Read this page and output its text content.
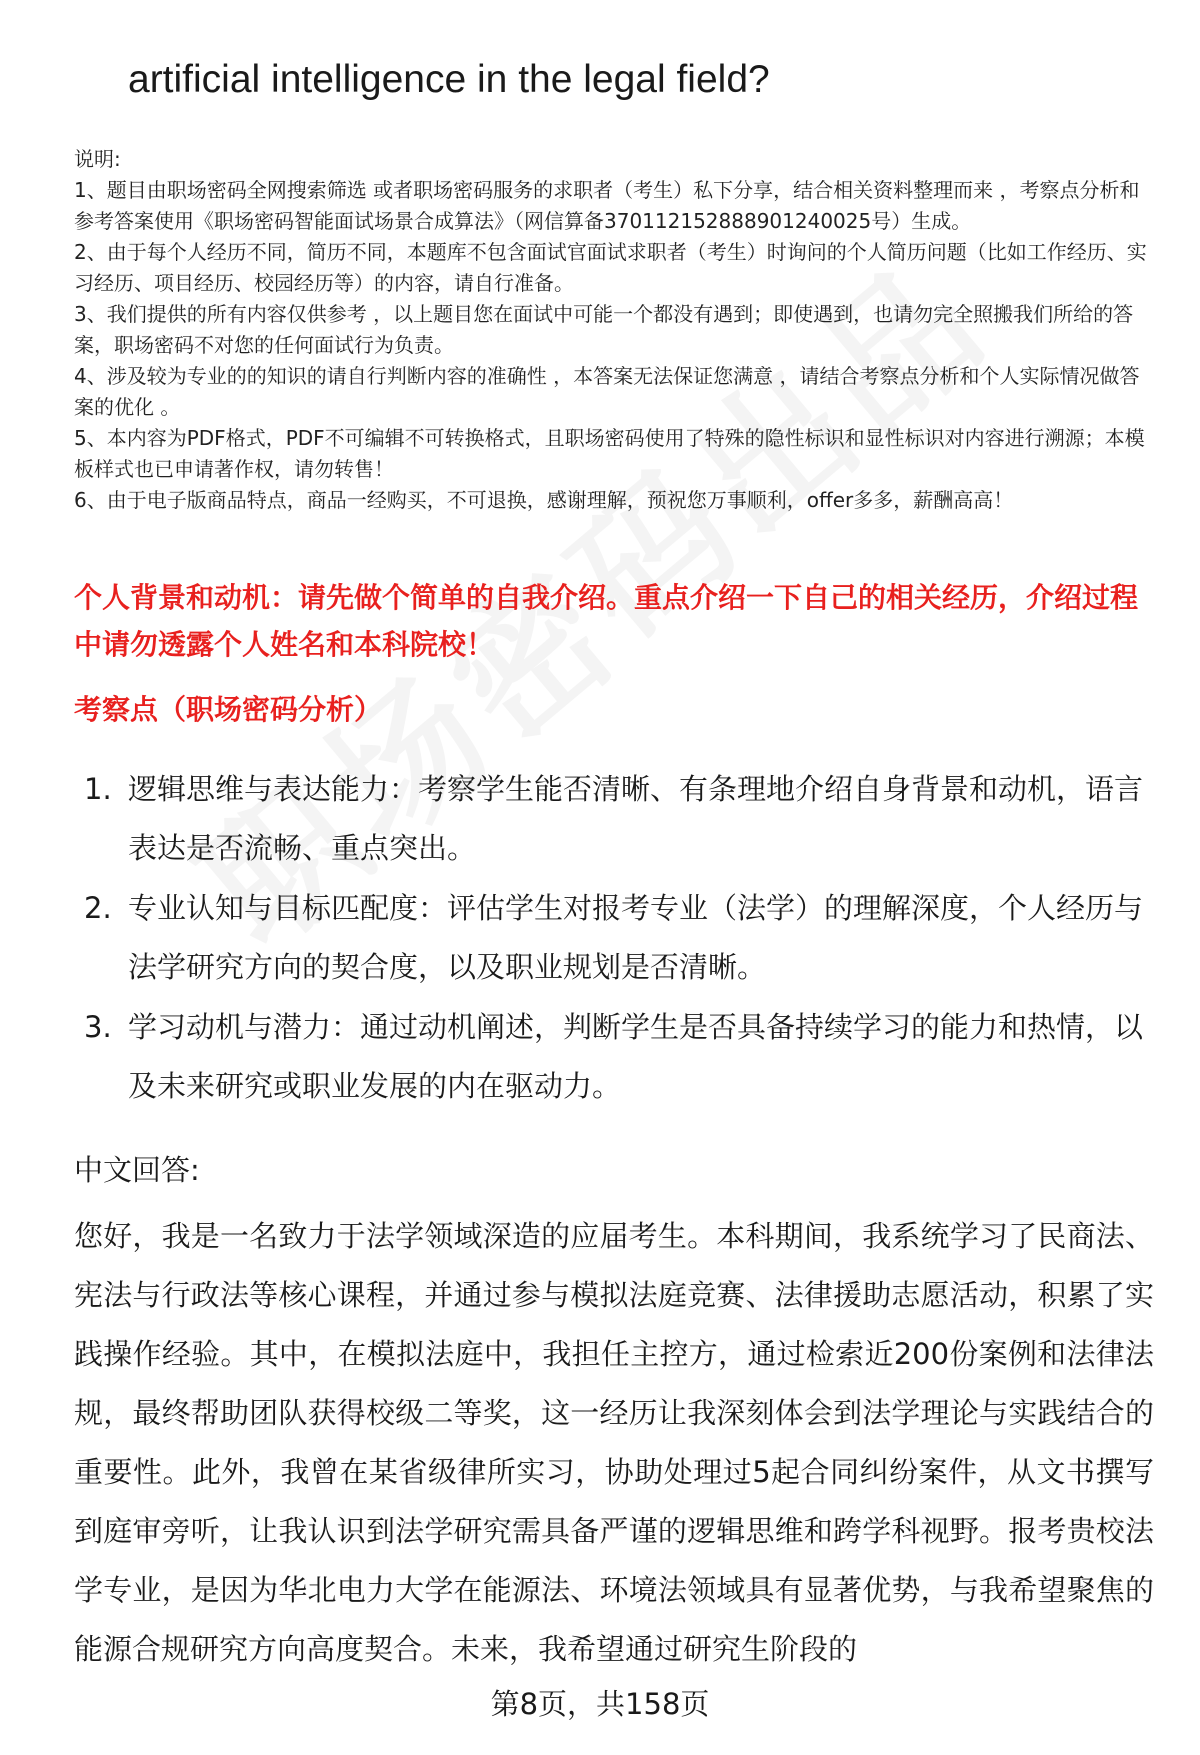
artificial intelligence in the legal field?

说明:

1、题目由职场密码全网搜索筛选 或者职场密码服务的求职者（考生）私下分享，结合相关资料整理而来 ，考察点分析和参考答案使用《职场密码智能面试场景合成算法》（网信算备370112152888901240025号）生成。

2、由于每个人经历不同，简历不同，本题库不包含面试官面试求职者（考生）时询问的个人简历问题（比如工作经历、实习经历、项目经历、校园经历等）的内容，请自行准备。

3、我们提供的所有内容仅供参考 ，以上题目您在面试中可能一个都没有遇到；即使遇到，也请勿完全照搬我们所给的答案，职场密码不对您的任何面试行为负责。

4、涉及较为专业的的知识的请自行判断内容的准确性 ，本答案无法保证您满意 ，请结合考察点分析和个人实际情况做答案的优化 。

5、本内容为PDF格式，PDF不可编辑不可转换格式，且职场密码使用了特殊的隐性标识和显性标识对内容进行溯源；本模板样式也已申请著作权，请勿转售！

6、由于电子版商品特点，商品一经购买，不可退换，感谢理解，预祝您万事顺利，offer多多，薪酬高高！

个人背景和动机：请先做个简单的自我介绍。重点介绍一下自己的相关经历，介绍过程中请勿透露个人姓名和本科院校！
考察点（职场密码分析）
1. 逻辑思维与表达能力：考察学生能否清晰、有条理地介绍自身背景和动机，语言表达是否流畅、重点突出。
2. 专业认知与目标匹配度：评估学生对报考专业（法学）的理解深度，个人经历与法学研究方向的契合度，以及职业规划是否清晰。
3. 学习动机与潜力：通过动机阐述，判断学生是否具备持续学习的能力和热情，以及未来研究或职业发展的内在驱动力。
中文回答:

您好，我是一名致力于法学领域深造的应届考生。本科期间，我系统学习了民商法、宪法与行政法等核心课程，并通过参与模拟法庭竞赛、法律援助志愿活动，积累了实践操作经验。其中，在模拟法庭中，我担任主控方，通过检索近200份案例和法律法规，最终帮助团队获得校级二等奖，这一经历让我深刻体会到法学理论与实践结合的重要性。此外，我曾在某省级律所实习，协助处理过5起合同纠纷案件，从文书撰写到庭审旁听，让我认识到法学研究需具备严谨的逻辑思维和跨学科视野。报考贵校法学专业，是因为华北电力大学在能源法、环境法领域具有显著优势，与我希望聚焦的能源合规研究方向高度契合。未来，我希望通过研究生阶段的

第8页，共158页
